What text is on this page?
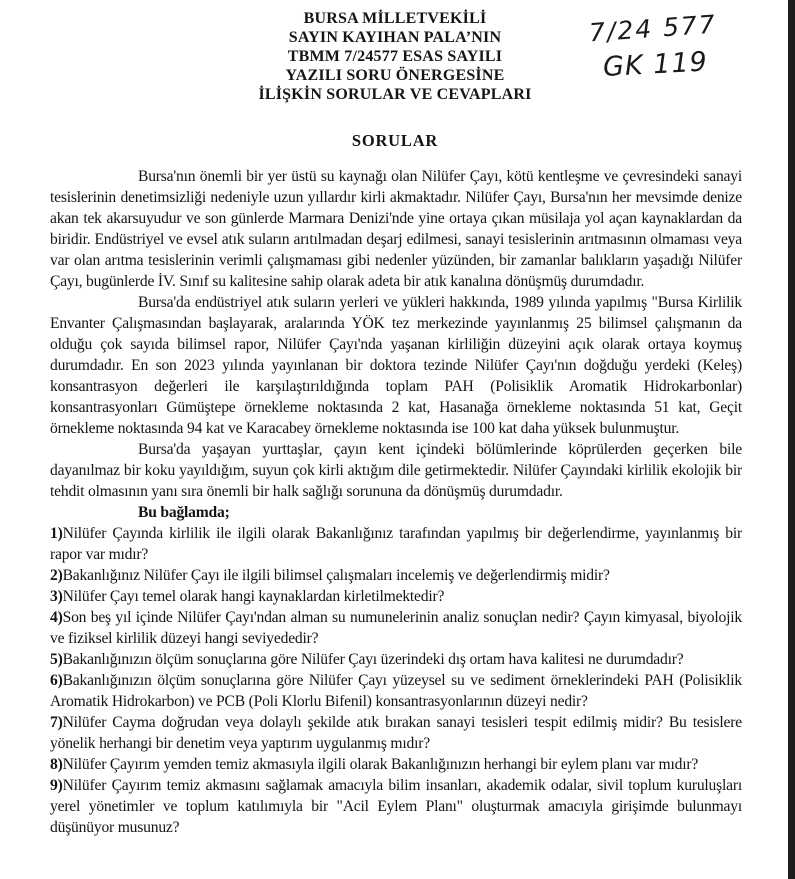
BURSA MİLLETVEKİLİ
SAYIN KAYIHAN PALA’NIN
TBMM 7/24577 ESAS SAYILI
YAZILI SORU ÖNERGESİNE
İLİŞKİN SORULAR VE CEVAPLARI
7/24 577
GK 119
SORULAR

Bursa'nın önemli bir yer üstü su kaynağı olan Nilüfer Çayı, kötü kentleşme ve çevresindeki sanayi tesislerinin denetimsizliği nedeniyle uzun yıllardır kirli akmaktadır. Nilüfer Çayı, Bursa'nın her mevsimde denize akan tek akarsuyudur ve son günlerde Marmara Denizi'nde yine ortaya çıkan müsilaja yol açan kaynaklardan da biridir. Endüstriyel ve evsel atık suların arıtılmadan deşarj edilmesi, sanayi tesislerinin arıtmasının olmaması veya var olan arıtma tesislerinin verimli çalışmaması gibi nedenler yüzünden, bir zamanlar balıkların yaşadığı Nilüfer Çayı, bugünlerde İV. Sınıf su kalitesine sahip olarak adeta bir atık kanalına dönüşmüş durumdadır.

Bursa'da endüstriyel atık suların yerleri ve yükleri hakkında, 1989 yılında yapılmış "Bursa Kirlilik Envanter Çalışmasından başlayarak, aralarında YÖK tez merkezinde yayınlanmış 25 bilimsel çalışmanın da olduğu çok sayıda bilimsel rapor, Nilüfer Çayı'nda yaşanan kirliliğin düzeyini açık olarak ortaya koymuş durumdadır. En son 2023 yılında yayınlanan bir doktora tezinde Nilüfer Çayı'nın doğduğu yerdeki (Keleş) konsantrasyon değerleri ile karşılaştırıldığında toplam PAH (Polisiklik Aromatik Hidrokarbonlar) konsantrasyonları Gümüştepe örnekleme noktasında 2 kat, Hasanağa örnekleme noktasında 51 kat, Geçit örnekleme noktasında 94 kat ve Karacabey örnekleme noktasında ise 100 kat daha yüksek bulunmuştur.

Bursa'da yaşayan yurttaşlar, çayın kent içindeki bölümlerinde köprülerden geçerken bile dayanılmaz bir koku yayıldığım, suyun çok kirli aktığım dile getirmektedir. Nilüfer Çayındaki kirlilik ekolojik bir tehdit olmasının yanı sıra önemli bir halk sağlığı sorununa da dönüşmüş durumdadır.

Bu bağlamda;

1)Nilüfer Çayında kirlilik ile ilgili olarak Bakanlığınız tarafından yapılmış bir değerlendirme, yayınlanmış bir rapor var mıdır?

2)Bakanlığınız Nilüfer Çayı ile ilgili bilimsel çalışmaları incelemiş ve değerlendirmiş midir?

3)Nilüfer Çayı temel olarak hangi kaynaklardan kirletilmektedir?

4)Son beş yıl içinde Nilüfer Çayı'ndan alman su numunelerinin analiz sonuçlan nedir? Çayın kimyasal, biyolojik ve fiziksel kirlilik düzeyi hangi seviyededir?

5)Bakanlığınızın ölçüm sonuçlarına göre Nilüfer Çayı üzerindeki dış ortam hava kalitesi ne durumdadır?

6)Bakanlığınızın ölçüm sonuçlarına göre Nilüfer Çayı yüzeysel su ve sediment örneklerindeki PAH (Polisiklik Aromatik Hidrokarbon) ve PCB (Poli Klorlu Bifenil) konsantrasyonlarının düzeyi nedir?

7)Nilüfer Cayma doğrudan veya dolaylı şekilde atık bırakan sanayi tesisleri tespit edilmiş midir? Bu tesislere yönelik herhangi bir denetim veya yaptırım uygulanmış mıdır?

8)Nilüfer Çayırım yemden temiz akmasıyla ilgili olarak Bakanlığınızın herhangi bir eylem planı var mıdır?

9)Nilüfer Çayırım temiz akmasını sağlamak amacıyla bilim insanları, akademik odalar, sivil toplum kuruluşları yerel yönetimler ve toplum katılımıyla bir "Acil Eylem Planı" oluşturmak amacıyla girişimde bulunmayı düşünüyor musunuz?
